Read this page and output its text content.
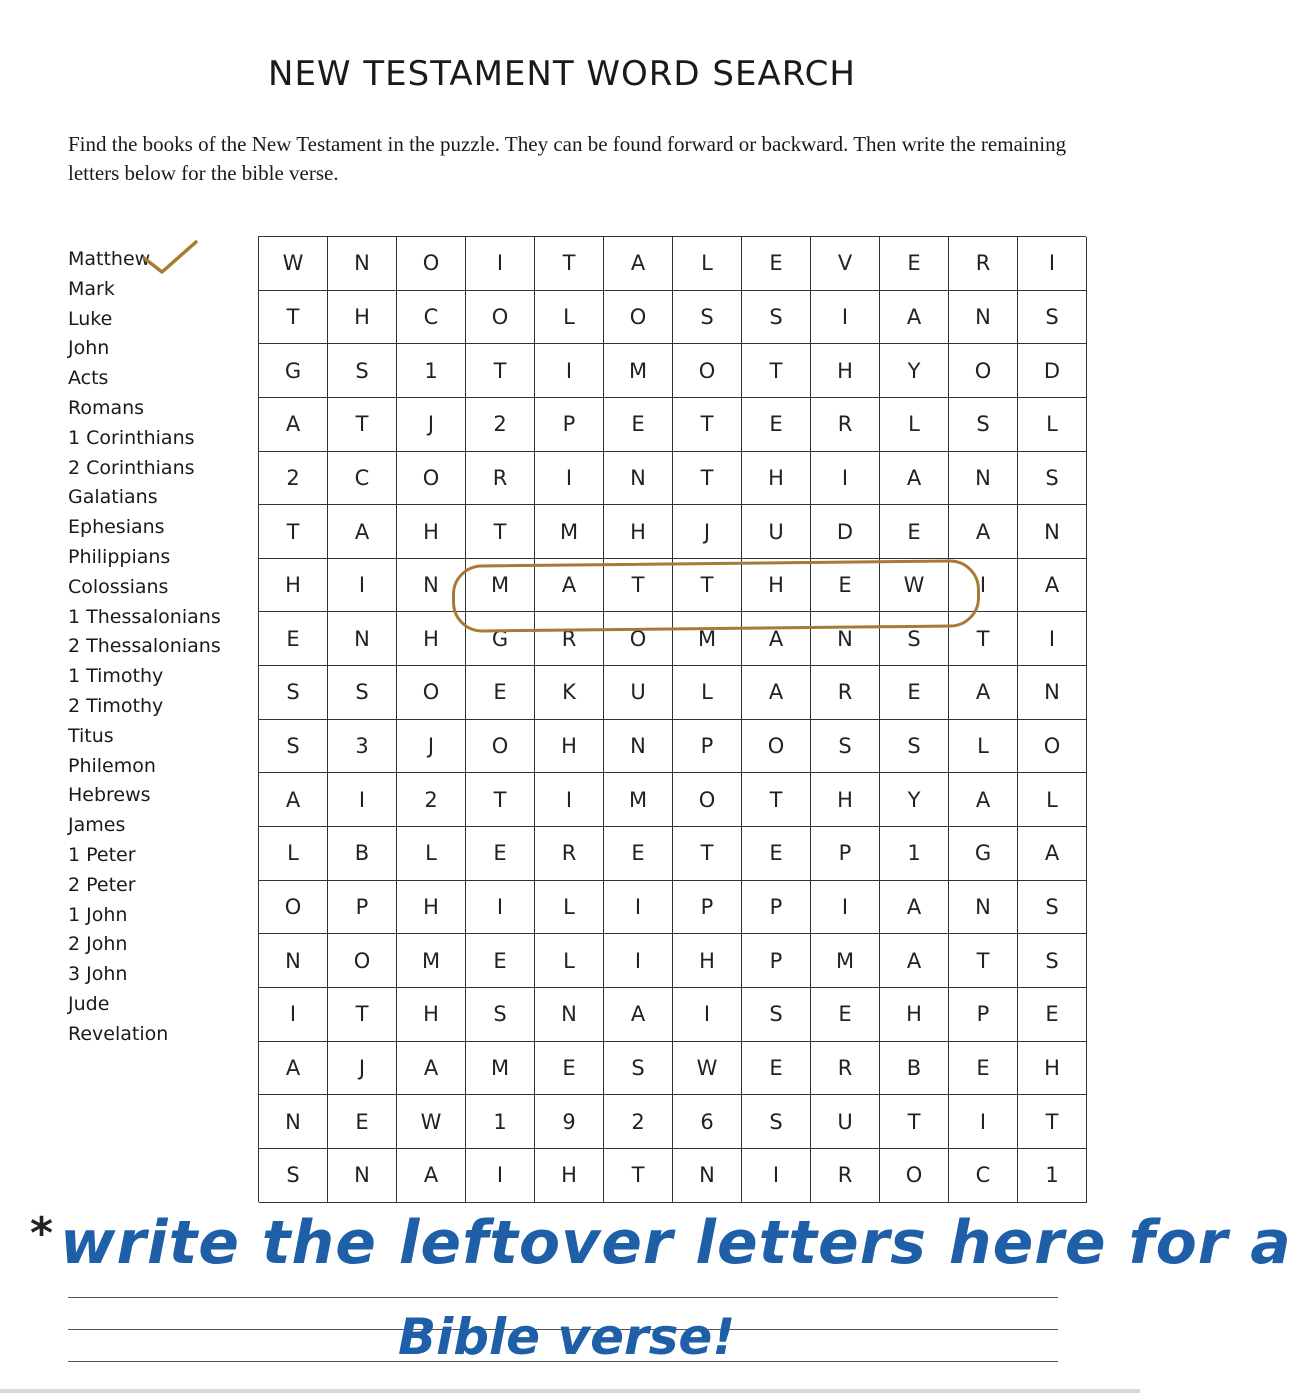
NEW TESTAMENT WORD SEARCH
Find the books of the New Testament in the puzzle. They can be found forward or backward. Then write the remaining letters below for the bible verse.
Matthew
Mark
Luke
John
Acts
Romans
1 Corinthians
2 Corinthians
Galatians
Ephesians
Philippians
Colossians
1 Thessalonians
2 Thessalonians
1 Timothy
2 Timothy
Titus
Philemon
Hebrews
James
1 Peter
2 Peter
1 John
2 John
3 John
Jude
Revelation
W	N	O	I	T	A	L	E	V	E	R	I
T	H	C	O	L	O	S	S	I	A	N	S
G	S	1	T	I	M	O	T	H	Y	O	D
A	T	J	2	P	E	T	E	R	L	S	L
2	C	O	R	I	N	T	H	I	A	N	S
T	A	H	T	M	H	J	U	D	E	A	N
H	I	N	M	A	T	T	H	E	W	I	A
E	N	H	G	R	O	M	A	N	S	T	I
S	S	O	E	K	U	L	A	R	E	A	N
S	3	J	O	H	N	P	O	S	S	L	O
A	I	2	T	I	M	O	T	H	Y	A	L
L	B	L	E	R	E	T	E	P	1	G	A
O	P	H	I	L	I	P	P	I	A	N	S
N	O	M	E	L	I	H	P	M	A	T	S
I	T	H	S	N	A	I	S	E	H	P	E
A	J	A	M	E	S	W	E	R	B	E	H
N	E	W	1	9	2	6	S	U	T	I	T
S	N	A	I	H	T	N	I	R	O	C	1
* write the leftover letters here for a
Bible verse!
